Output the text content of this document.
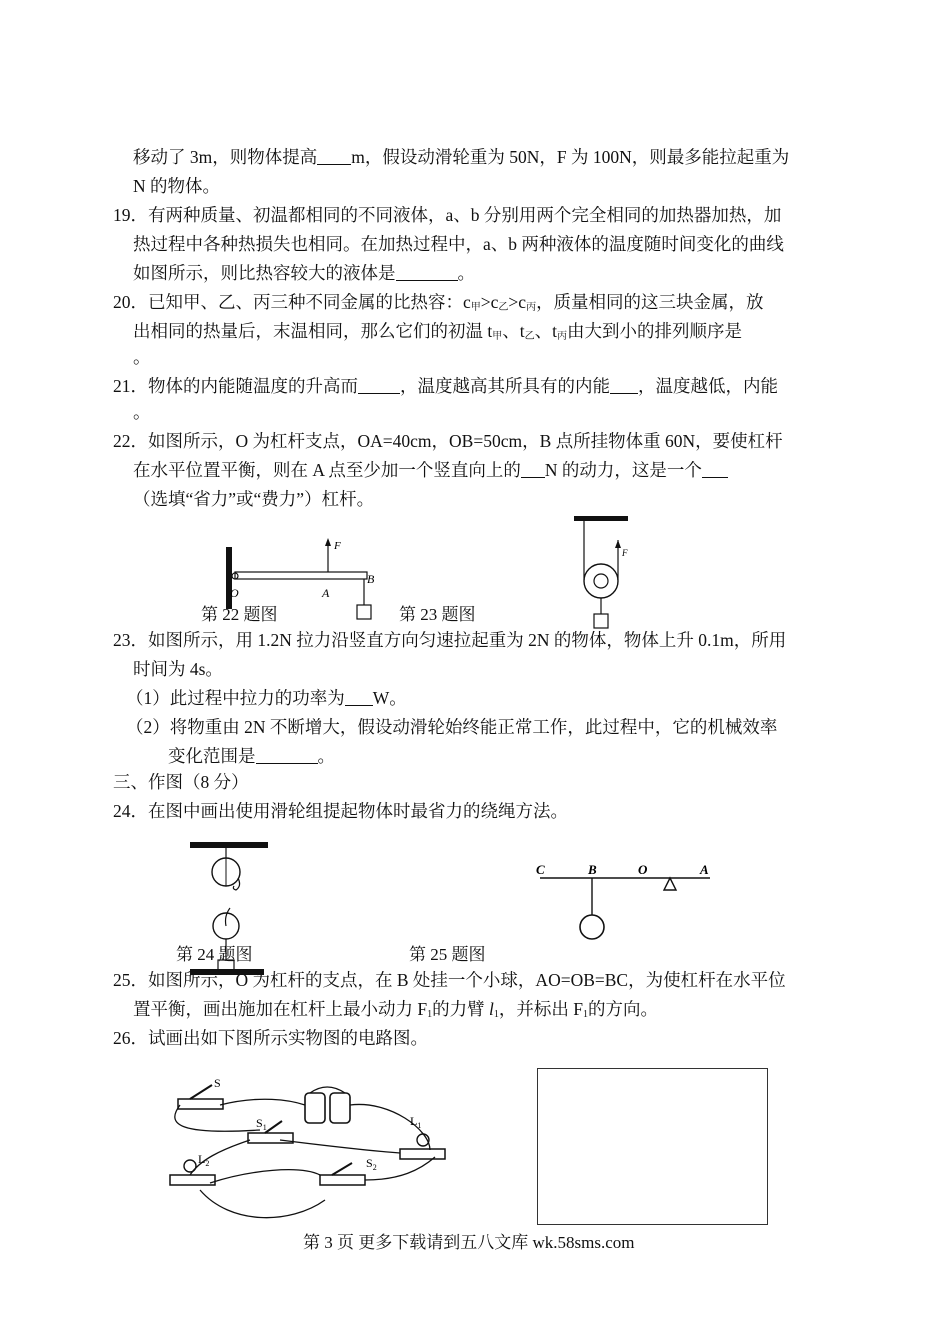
移动了 3m，则物体提高 m，假设动滑轮重为 50N，F 为 100N，则最多能拉起重为
N 的物体。
19．有两种质量、初温都相同的不同液体，a、b 分别用两个完全相同的加热器加热，加
热过程中各种热损失也相同。在加热过程中，a、b 两种液体的温度随时间变化的曲线
如图所示，则比热容较大的液体是	。
20．已知甲、乙、丙三种不同金属的比热容：$c_甲>c_乙>c_丙$，质量相同的这三块金属，放
出相同的热量后，末温相同，那么它们的初温 $t_甲$、$t_乙$、$t_丙$由大到小的排列顺序是
。
21．物体的内能随温度的升高而 ，温度越高其所具有的内能 ，温度越低，内能
。
22．如图所示，O 为杠杆支点，OA=40cm，OB=50cm，B 点所挂物体重 60N，要使杠杆
在水平位置平衡，则在 A 点至少加一个竖直向上的 N 的动力，这是一个
（选填“省力”或“费力”）杠杆。
F
O	A
B
第 22 题图	第 23 题图
F
23．如图所示，用 1.2N 拉力沿竖直方向匀速拉起重为 2N 的物体，物体上升 0.1m，所用
时间为 4s。
（1）此过程中拉力的功率为 W。
（2）将物重由 2N 不断增大，假设动滑轮始终能正常工作，此过程中，它的机械效率
变化范围是	。
三、作图（8 分）
24．在图中画出使用滑轮组提起物体时最省力的绕绳方法。
第 24 题图
C	B	O	A
第 25 题图
25．如图所示，O 为杠杆的支点，在 B 处挂一个小球，AO=OB=BC，为使杠杆在水平位
置平衡，画出施加在杠杆上最小动力 $F_1$的力臂 $l_1$，并标出 $F_1$的方向。
26．试画出如下图所示实物图的电路图。
S
$S_1$	$L_1$
$L_2$	$S_2$
第 3 页 更多下载请到五八文库 wk.58sms.com
